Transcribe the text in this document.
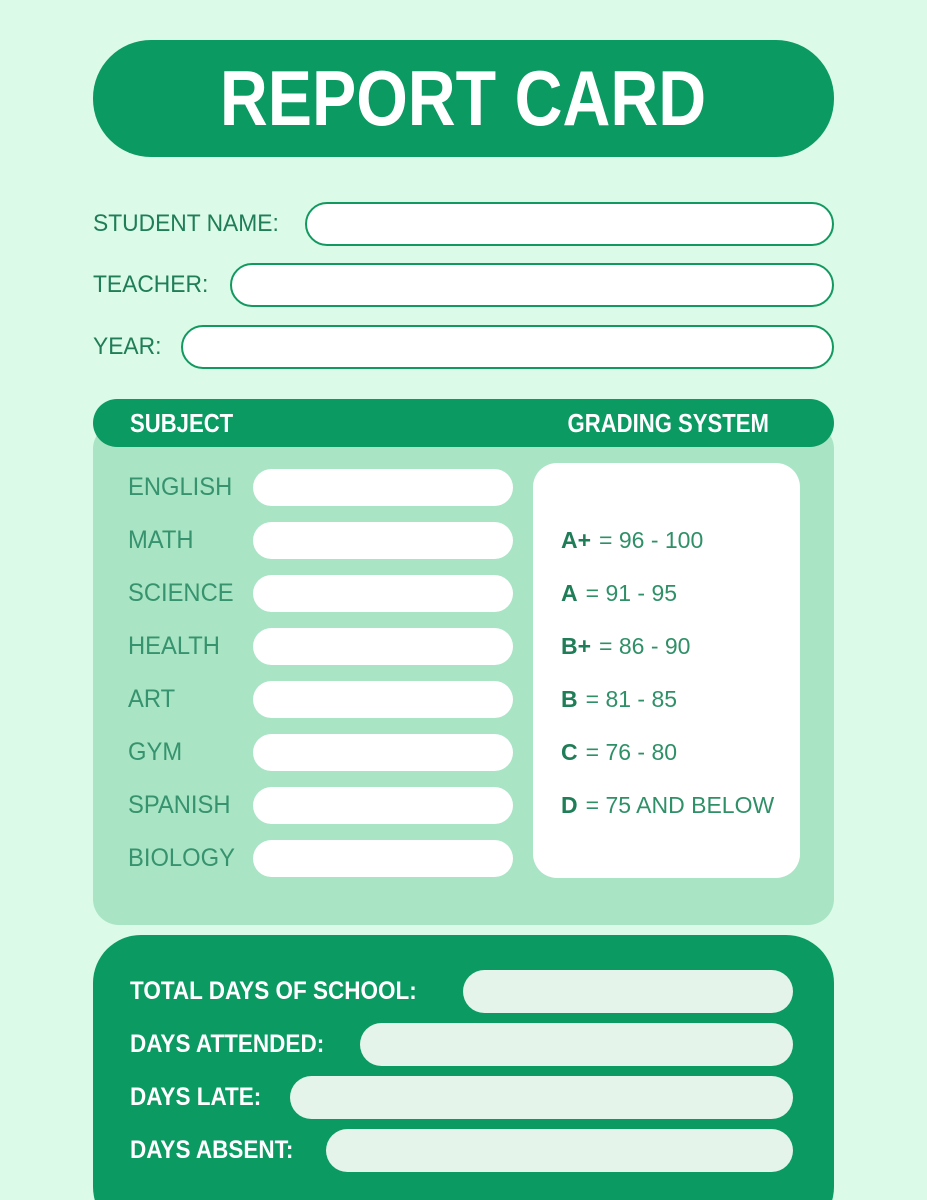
REPORT CARD
STUDENT NAME:
TEACHER:
YEAR:
SUBJECT	GRADING SYSTEM
ENGLISH
MATH
SCIENCE
HEALTH
ART
GYM
SPANISH
BIOLOGY
A+ = 96 - 100
A = 91 - 95
B+ = 86 - 90
B = 81 - 85
C = 76 - 80
D = 75 AND BELOW
TOTAL DAYS OF SCHOOL:
DAYS ATTENDED:
DAYS LATE:
DAYS ABSENT:
